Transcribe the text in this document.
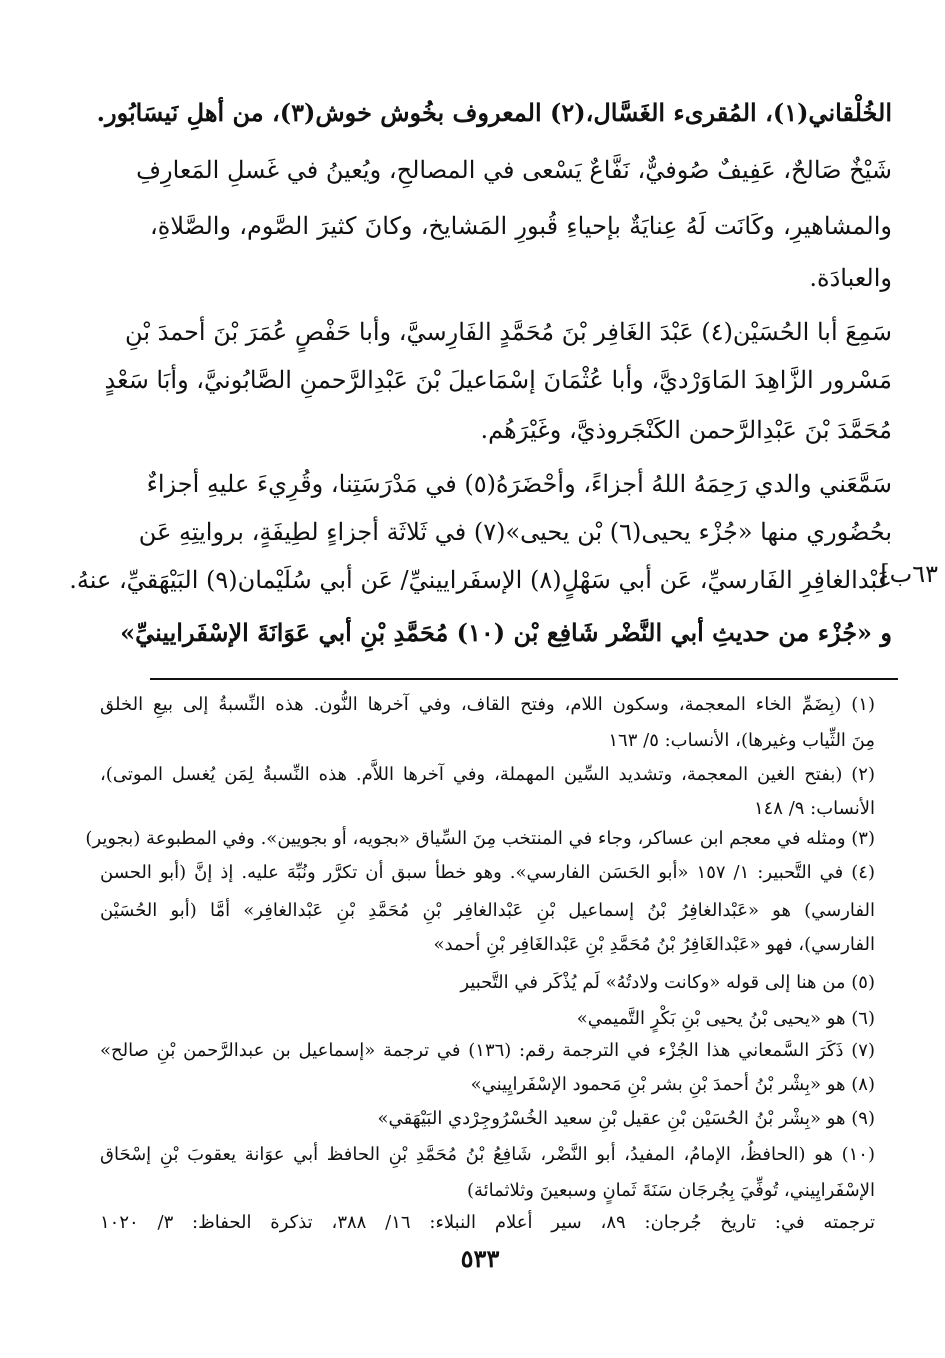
الخُلْقاني(١)، المُقرىء الغَسَّال،(٢) المعروف بخُوش خوش(٣)، من أهلِ نَيسَابُور.
شَيْخٌ صَالحٌ، عَفِيفٌ صُوفيٌّ، نَفَّاعٌ يَسْعى في المصالحِ، ويُعينُ في غَسلِ المَعارِفِ
والمشاهيرِ، وكَانَت لَهُ عِنايَةٌ بإحياءِ قُبورِ المَشايخ، وكانَ كثيرَ الصَّوم، والصَّلاةِ،
والعبادَة.
سَمِعَ أبا الحُسَيْن(٤) عَبْدَ الغَافِر بْنَ مُحَمَّدٍ الفَارِسيَّ، وأبا حَفْصٍ عُمَرَ بْنَ أحمدَ بْنِ
مَسْرور الزَّاهِدَ المَاوَرْديَّ، وأبا عُثْمَانَ إسْمَاعيلَ بْنَ عَبْدِالرَّحمنِ الصَّابُونيَّ، وأبَا سَعْدٍ
مُحَمَّدَ بْنَ عَبْدِالرَّحمن الكَنْجَروذيَّ، وغَيْرَهُم.
سَمَّعَني والدي رَحِمَهُ اللهُ أجزاءً، وأحْضَرَهُ(٥) في مَدْرَسَتِنا، وقُرِيءَ عليهِ أجزاءٌ
بحُضُوري منها «جُزْء يحيى(٦) بْن يحيى»(٧) في ثَلاثَة أجزاءٍ لطِيفَةٍ، بروايتِهِ عَن
عَبْدالغافِرِ الفَارسيِّ، عَن أبي سَهْلٍ(٨) الإسفَرايينيِّ/ عَن أبي سُلَيْمان(٩) البَيْهَقيِّ، عنهُ.
و «جُزْء من حديثِ أبي النَّضْر شَافِع بْن (١٠) مُحَمَّدِ بْنِ أبي عَوَانَةَ الإسْفَرايينيِّ»
٦٣ب]
(١) (بِضَمِّ الخاء المعجمة، وسكون اللام، وفتح القاف، وفي آخرها النُّون. هذه النِّسبةُ إلى بيعِ الخلق
مِنَ الثِّياب وغيرها)، الأنساب: ٥/ ١٦٣
(٢) (بفتح الغين المعجمة، وتشديد السِّين المهملة، وفي آخرها اللاَّم. هذه النِّسبةُ لِمَن يُغسل الموتى)،
الأنساب: ٩/ ١٤٨
(٣) ومثله في معجم ابن عساكر، وجاء في المنتخب مِنَ السِّياق «بجويه، أو بجويين». وفي المطبوعة (بجوير)
(٤) في التَّحبير: ١/ ١٥٧ «أبو الحَسَن الفارسي». وهو خطأ سبق أن تكرَّر ونُبِّهَ عليه. إذ إنَّ (أبو الحسن
الفارسي) هو «عَبْدالغافِرُ بْنُ إسماعيل بْنِ عَبْدالغافِر بْنِ مُحَمَّدِ بْنِ عَبْدالغافِر» أمَّا (أبو الحُسَيْن
الفارسي)، فهو «عَبْدالغَافِرُ بْنُ مُحَمَّدِ بْنِ عَبْدالغَافِر بْنِ أحمد»
(٥) من هنا إلى قوله «وكانت ولادتُهُ» لَم يُذْكَر في التَّحبير
(٦) هو «يحيى بْنُ يحيى بْنِ بَكْرٍ التَّميمي»
(٧) ذَكَرَ السَّمعاني هذا الجُزْء في الترجمة رقم: (١٣٦) في ترجمة «إسماعيل بن عبدالرَّحمن بْنِ صالح»
(٨) هو «بِشْر بْنُ أحمدَ بْنِ بشر بْنِ مَحمود الإسْفَرايِيني»
(٩) هو «بِشْر بْنُ الحُسَيْن بْنِ عقيل بْنِ سعيد الخُسْرُوجِرْدي البَيْهَقي»
(١٠) هو (الحافظُ، الإمامُ، المفيدُ، أبو النَّضْر، شَافِعُ بْنُ مُحَمَّدِ بْنِ الحافظ أبي عوَانة يعقوبَ بْنِ إسْحَاق
الإسْفَرايِيني، تُوفِّيَ بِجُرجَان سَنَةَ ثَمانٍ وسبعينَ وثلاثمائة)
ترجمته في: تاريخ جُرجان: ٨٩، سير أعلام النبلاء: ١٦/ ٣٨٨، تذكرة الحفاظ: ٣/ ١٠٢٠
٥٣٣
